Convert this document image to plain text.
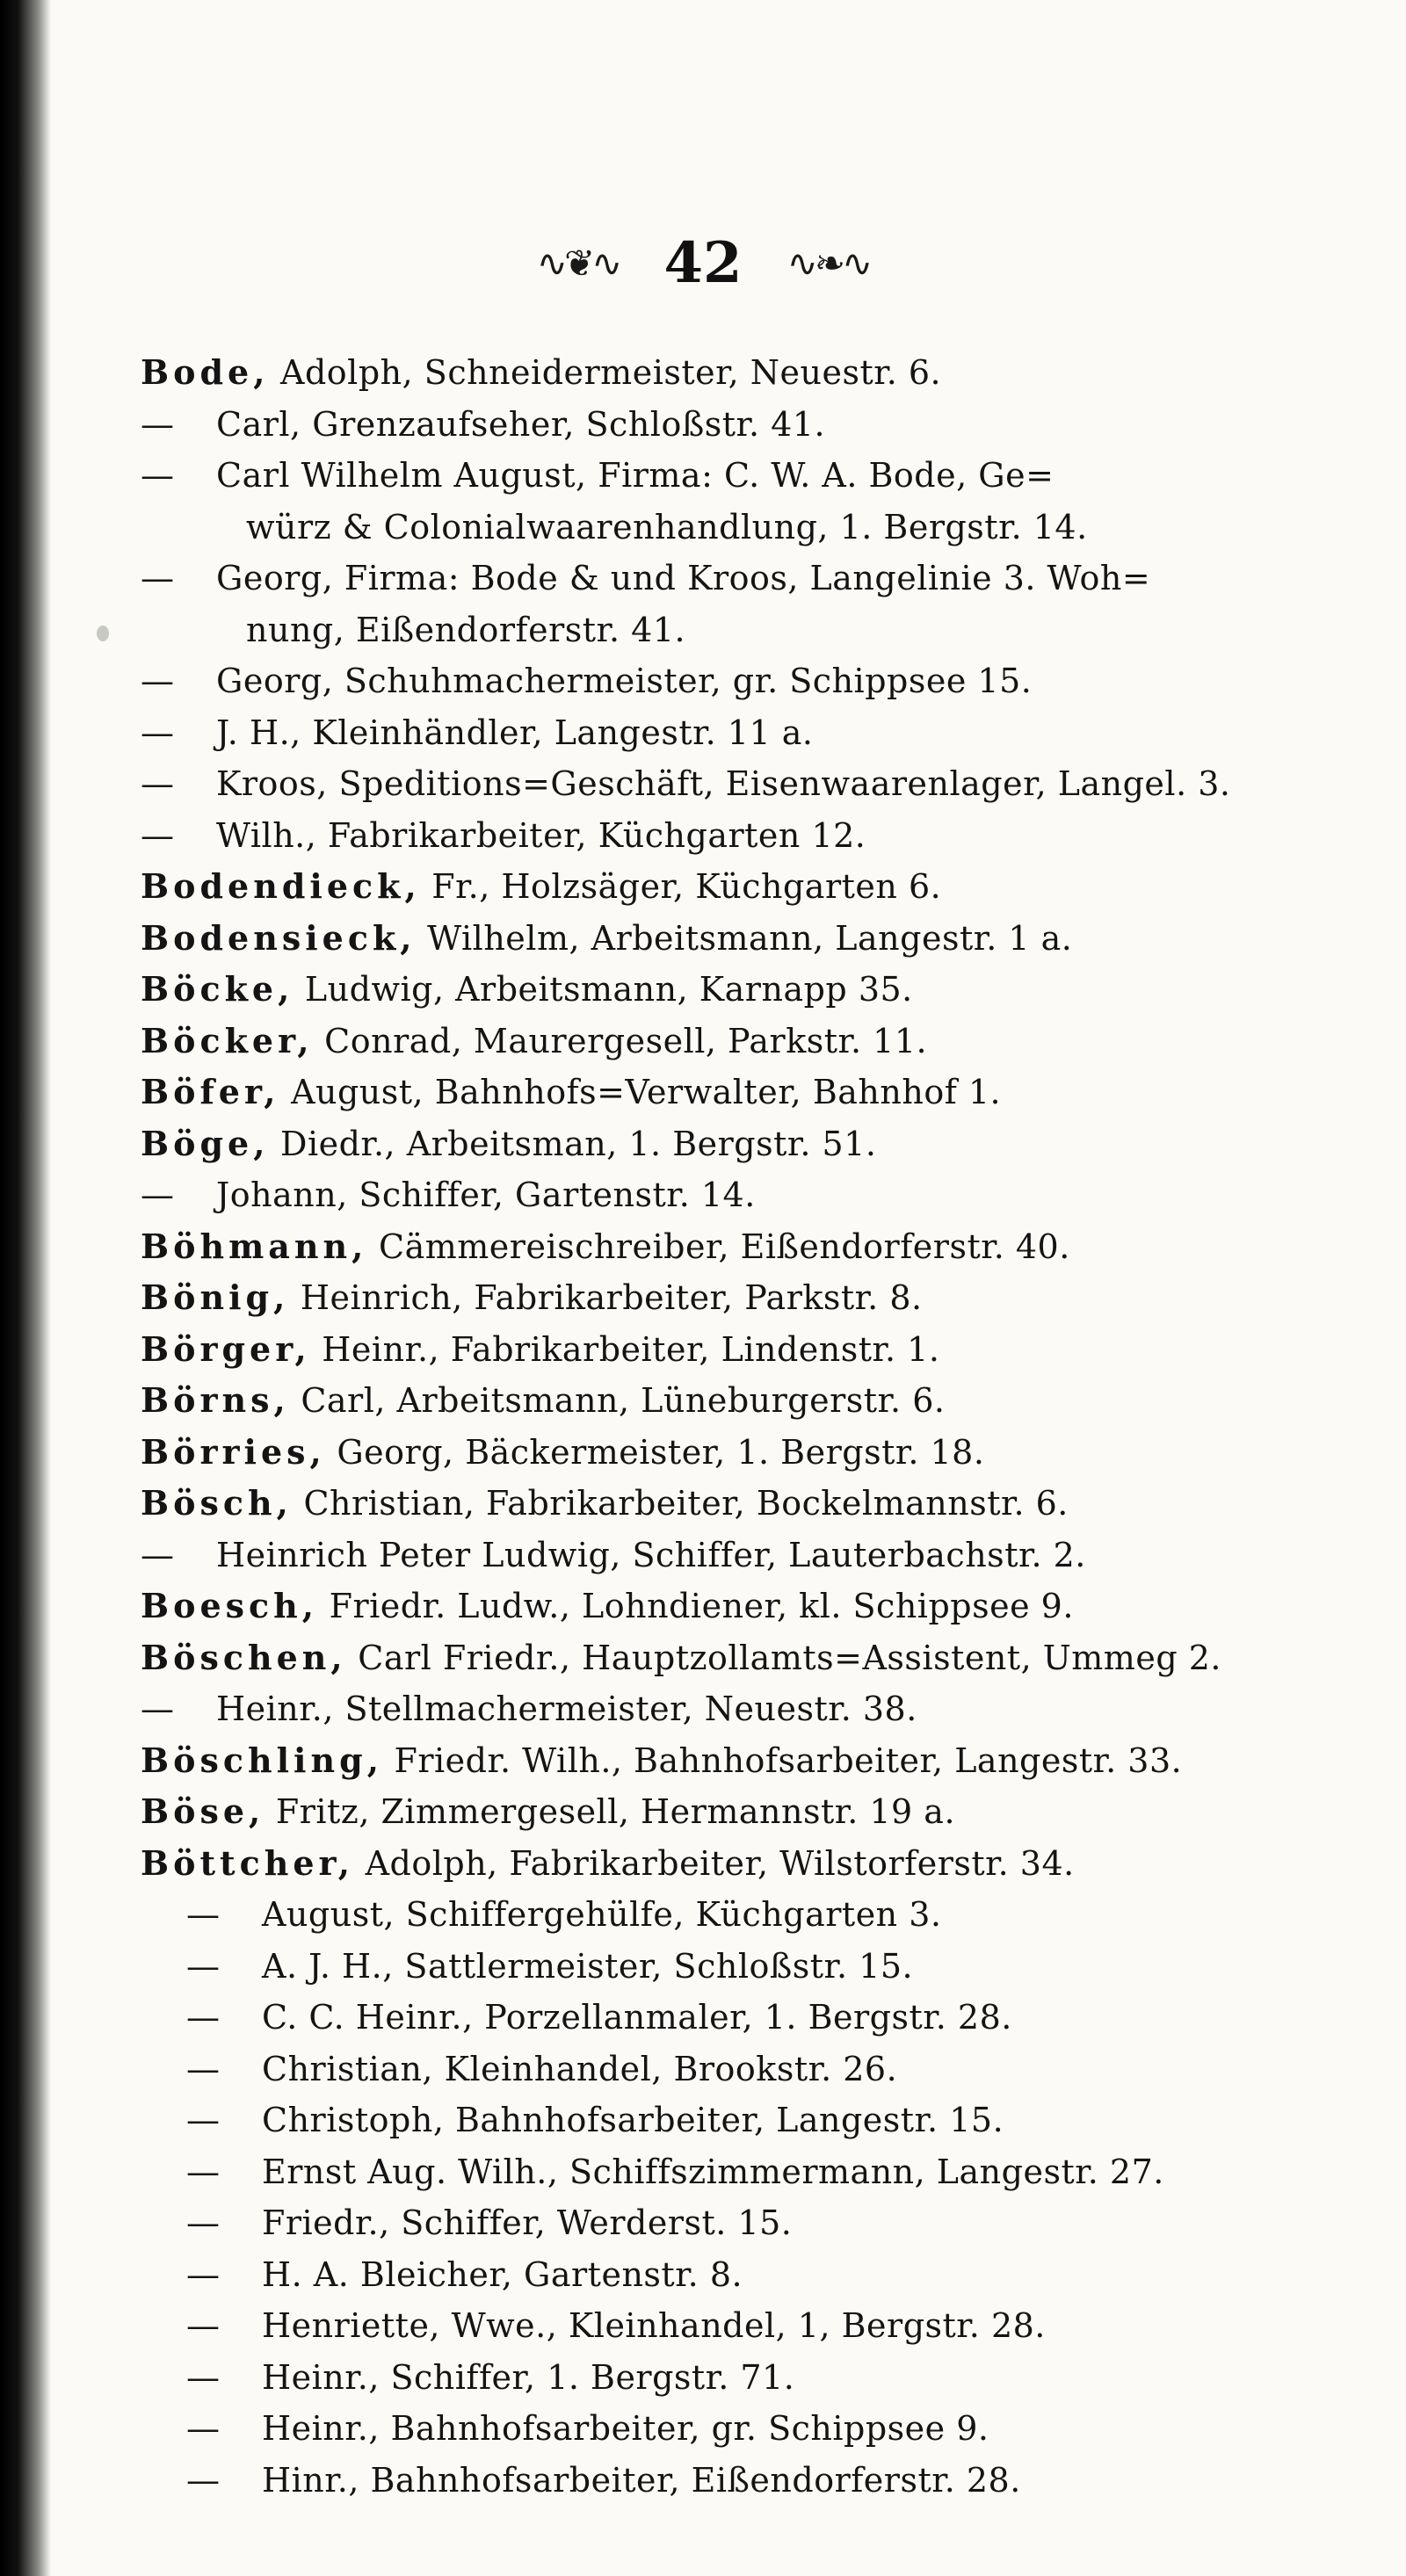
∿❦∿ 42 ∿❧∿
Bode, Adolph, Schneidermeister, Neuestr. 6.
— Carl, Grenzaufseher, Schloßstr. 41.
— Carl Wilhelm August, Firma: C. W. A. Bode, Ge=
würz & Colonialwaarenhandlung, 1. Bergstr. 14.
— Georg, Firma: Bode & und Kroos, Langelinie 3. Woh=
nung, Eißendorferstr. 41.
— Georg, Schuhmachermeister, gr. Schippsee 15.
— J. H., Kleinhändler, Langestr. 11 a.
— Kroos, Speditions=Geschäft, Eisenwaarenlager, Langel. 3.
— Wilh., Fabrikarbeiter, Küchgarten 12.
Bodendieck, Fr., Holzsäger, Küchgarten 6.
Bodensieck, Wilhelm, Arbeitsmann, Langestr. 1 a.
Böcke, Ludwig, Arbeitsmann, Karnapp 35.
Böcker, Conrad, Maurergesell, Parkstr. 11.
Böfer, August, Bahnhofs=Verwalter, Bahnhof 1.
Böge, Diedr., Arbeitsman, 1. Bergstr. 51.
— Johann, Schiffer, Gartenstr. 14.
Böhmann, Cämmereischreiber, Eißendorferstr. 40.
Bönig, Heinrich, Fabrikarbeiter, Parkstr. 8.
Börger, Heinr., Fabrikarbeiter, Lindenstr. 1.
Börns, Carl, Arbeitsmann, Lüneburgerstr. 6.
Börries, Georg, Bäckermeister, 1. Bergstr. 18.
Bösch, Christian, Fabrikarbeiter, Bockelmannstr. 6.
— Heinrich Peter Ludwig, Schiffer, Lauterbachstr. 2.
Boesch, Friedr. Ludw., Lohndiener, kl. Schippsee 9.
Böschen, Carl Friedr., Hauptzollamts=Assistent, Ummeg 2.
— Heinr., Stellmachermeister, Neuestr. 38.
Böschling, Friedr. Wilh., Bahnhofsarbeiter, Langestr. 33.
Böse, Fritz, Zimmergesell, Hermannstr. 19 a.
Böttcher, Adolph, Fabrikarbeiter, Wilstorferstr. 34.
— August, Schiffergehülfe, Küchgarten 3.
— A. J. H., Sattlermeister, Schloßstr. 15.
— C. C. Heinr., Porzellanmaler, 1. Bergstr. 28.
— Christian, Kleinhandel, Brookstr. 26.
— Christoph, Bahnhofsarbeiter, Langestr. 15.
— Ernst Aug. Wilh., Schiffszimmermann, Langestr. 27.
— Friedr., Schiffer, Werderst. 15.
— H. A. Bleicher, Gartenstr. 8.
— Henriette, Wwe., Kleinhandel, 1, Bergstr. 28.
— Heinr., Schiffer, 1. Bergstr. 71.
— Heinr., Bahnhofsarbeiter, gr. Schippsee 9.
— Hinr., Bahnhofsarbeiter, Eißendorferstr. 28.
